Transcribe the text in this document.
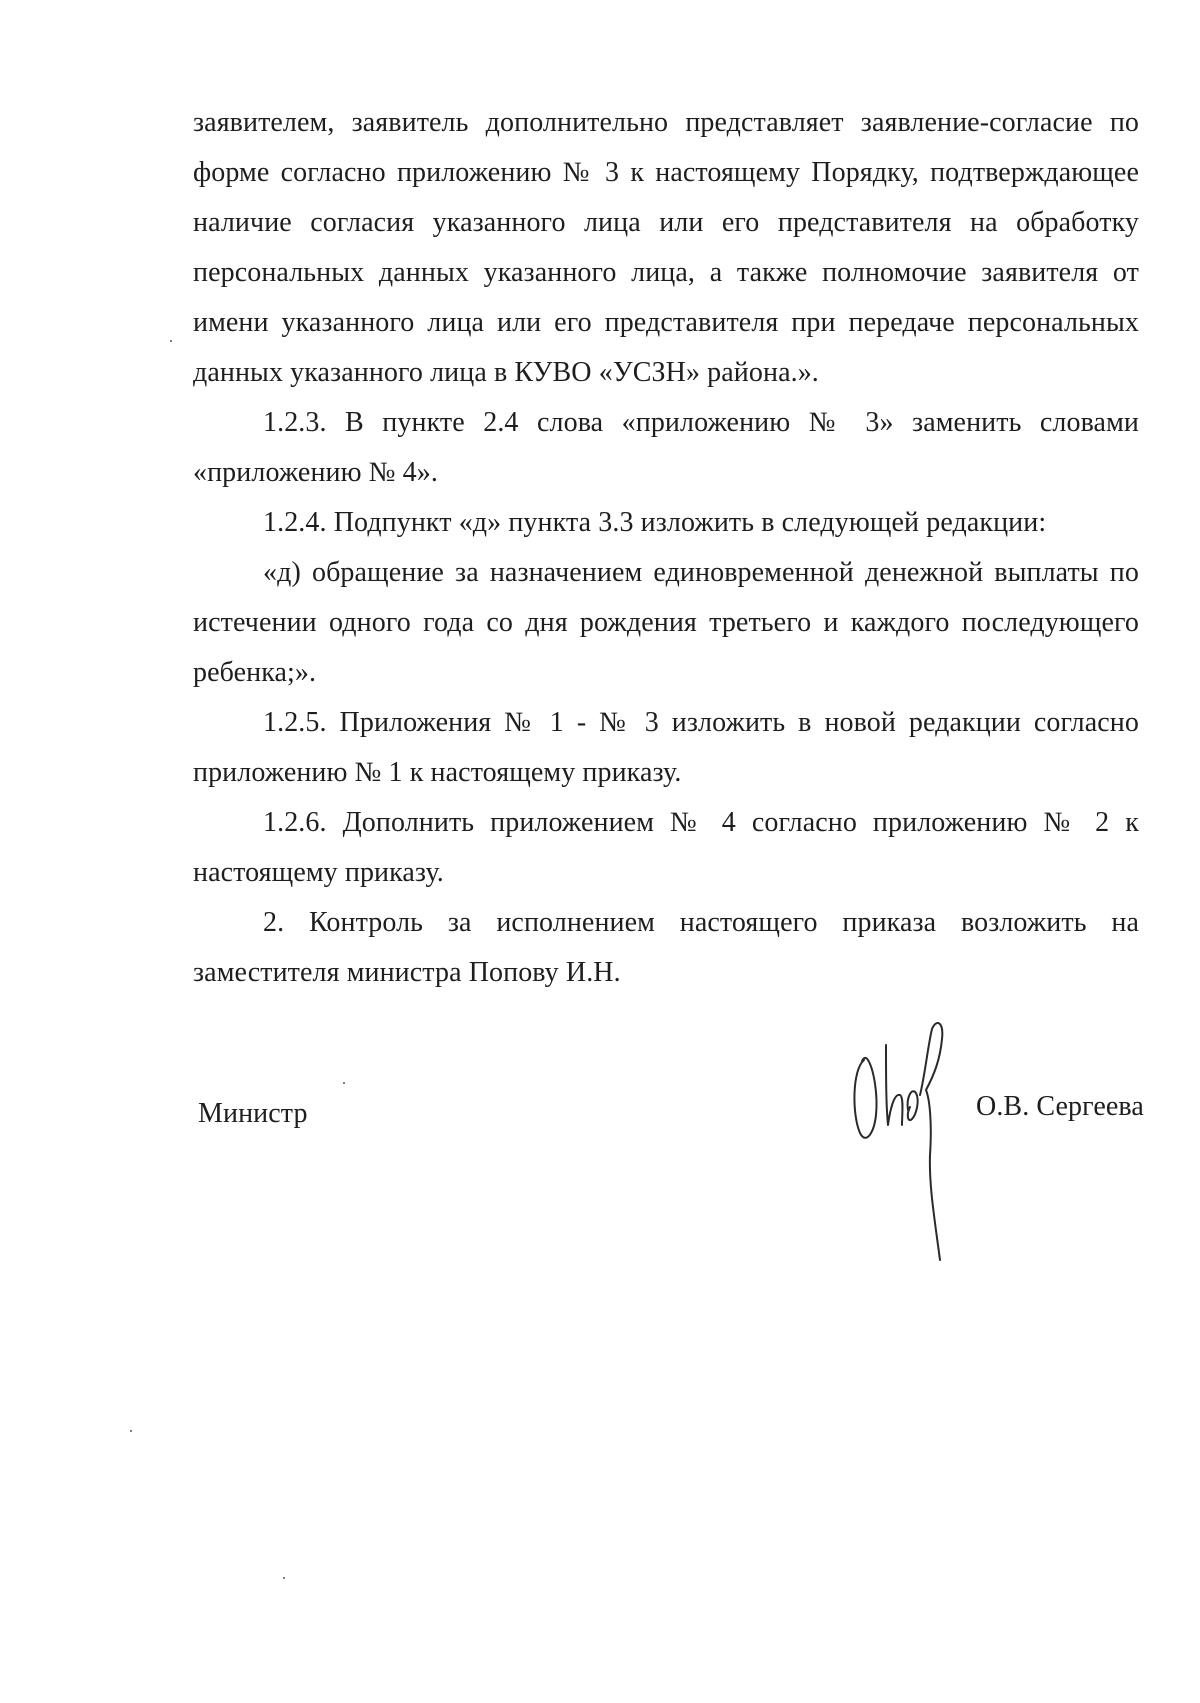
заявителем, заявитель дополнительно представляет заявление-согласие по
форме согласно приложению № 3 к настоящему Порядку, подтверждающее
наличие согласия указанного лица или его представителя на обработку
персональных данных указанного лица, а также полномочие заявителя от
имени указанного лица или его представителя при передаче персональных
данных указанного лица в КУВО «УСЗН» района.».
1.2.3. В пункте 2.4 слова «приложению № 3» заменить словами
«приложению № 4».
1.2.4. Подпункт «д» пункта 3.3 изложить в следующей редакции:
«д) обращение за назначением единовременной денежной выплаты по
истечении одного года со дня рождения третьего и каждого последующего
ребенка;».
1.2.5. Приложения № 1 - № 3 изложить в новой редакции согласно
приложению № 1 к настоящему приказу.
1.2.6. Дополнить приложением № 4 согласно приложению № 2 к
настоящему приказу.
2. Контроль за исполнением настоящего приказа возложить на
заместителя министра Попову И.Н.
Министр	О.В. Сергеева
